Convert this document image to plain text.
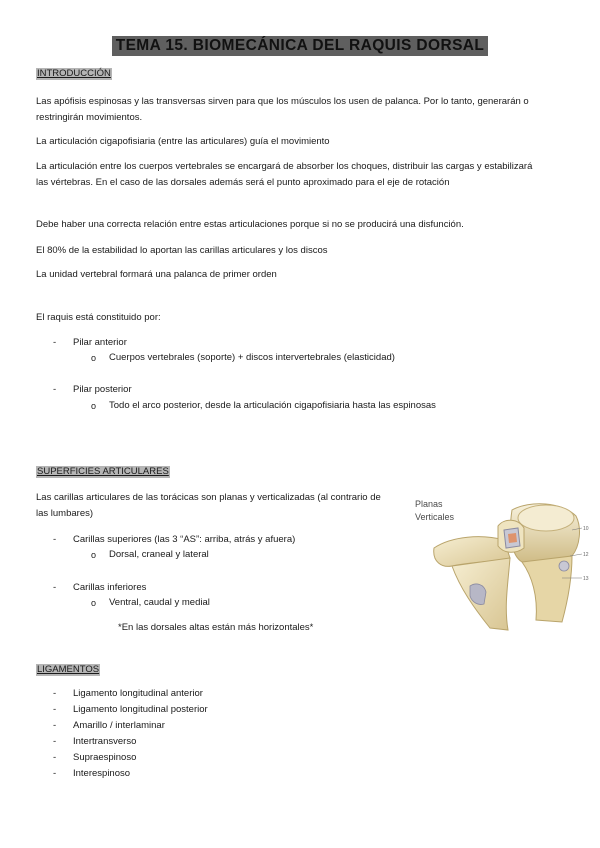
TEMA 15. BIOMECÁNICA DEL RAQUIS DORSAL
INTRODUCCIÓN
Las apófisis espinosas y las transversas sirven para que los músculos los usen de palanca. Por lo tanto, generarán o
restringirán movimientos.
La articulación cigapofisiaria (entre las articulares) guía el movimiento
La articulación entre los cuerpos vertebrales se encargará de absorber los choques, distribuir las cargas y estabilizará
las vértebras. En el caso de las dorsales además será el punto aproximado para el eje de rotación
Debe haber una correcta relación entre estas articulaciones porque si no se producirá una disfunción.
El 80% de la estabilidad lo aportan las carillas articulares y los discos
La unidad vertebral formará una palanca de primer orden
El raquis está constituido por:
- Pilar anterior
o Cuerpos vertebrales (soporte) + discos intervertebrales (elasticidad)
- Pilar posterior
o Todo el arco posterior, desde la articulación cigapofisiaria hasta las espinosas
SUPERFICIES ARTICULARES
Las carillas articulares de las torácicas son planas y verticalizadas (al contrario de
las lumbares)
- Carillas superiores (las 3 “AS”: arriba, atrás y afuera)
o Dorsal, craneal y lateral
- Carillas inferiores
o Ventral, caudal y medial
*En las dorsales altas están más horizontales*
Planas
Verticales
10
12
13
LIGAMENTOS
- Ligamento longitudinal anterior
- Ligamento longitudinal posterior
- Amarillo / interlaminar
- Intertransverso
- Supraespinoso
- Interespinoso
